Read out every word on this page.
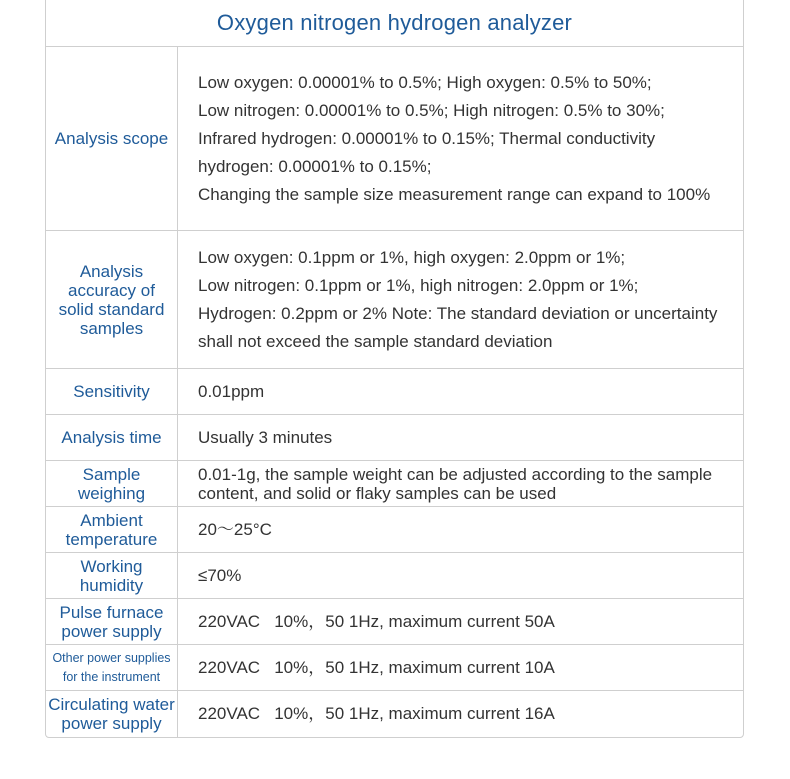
Oxygen nitrogen hydrogen analyzer
Analysis scope
Low oxygen: 0.00001% to 0.5%; High oxygen: 0.5% to 50%;
Low nitrogen: 0.00001% to 0.5%; High nitrogen: 0.5% to 30%;
Infrared hydrogen: 0.00001% to 0.15%; Thermal conductivity
hydrogen: 0.00001% to 0.15%;
Changing the sample size measurement range can expand to 100%
Analysis
accuracy of
solid standard
samples
Low oxygen: 0.1ppm or 1%, high oxygen: 2.0ppm or 1%;
Low nitrogen: 0.1ppm or 1%, high nitrogen: 2.0ppm or 1%;
Hydrogen: 0.2ppm or 2% Note: The standard deviation or uncertainty
shall not exceed the sample standard deviation
Sensitivity	0.01ppm
Analysis time Usually 3 minutes
Sample
weighing
0.01-1g, the sample weight can be adjusted according to the sample
content, and solid or flaky samples can be used
Ambient
temperature
20～25°C
Working
humidity
≤70%
Pulse furnace
power supply
220VAC   10%，50 1Hz, maximum current 50A
Other power supplies
for the instrument	220VAC   10%，50 1Hz, maximum current 10A
Circulating water
power supply
220VAC   10%，50 1Hz, maximum current 16A
